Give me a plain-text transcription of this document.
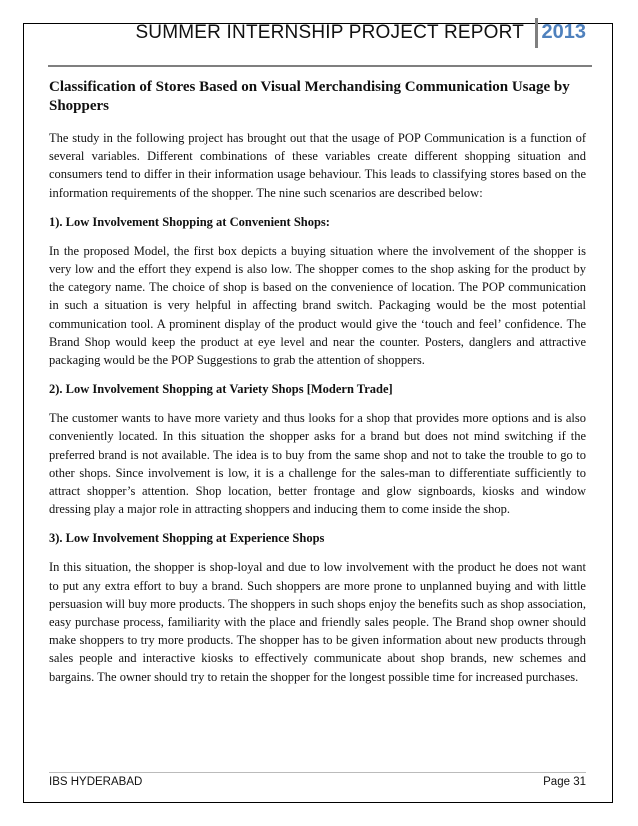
SUMMER INTERNSHIP PROJECT REPORT 2013
Classification of Stores Based on Visual Merchandising Communication Usage by Shoppers

The study in the following project has brought out that the usage of POP Communication is a function of several variables. Different combinations of these variables create different shopping situation and consumers tend to differ in their information usage behaviour. This leads to classifying stores based on the information requirements of the shopper. The nine such scenarios are described below:

1). Low Involvement Shopping at Convenient Shops:

In the proposed Model, the first box depicts a buying situation where the involvement of the shopper is very low and the effort they expend is also low. The shopper comes to the shop asking for the product by the category name. The choice of shop is based on the convenience of location. The POP communication in such a situation is very helpful in affecting brand switch. Packaging would be the most potential communication tool. A prominent display of the product would give the ‘touch and feel’ confidence. The Brand Shop would keep the product at eye level and near the counter. Posters, danglers and attractive packaging would be the POP Suggestions to grab the attention of shoppers.

2). Low Involvement Shopping at Variety Shops [Modern Trade]

The customer wants to have more variety and thus looks for a shop that provides more options and is also conveniently located. In this situation the shopper asks for a brand but does not mind switching if the preferred brand is not available. The idea is to buy from the same shop and not to take the trouble to go to other shops. Since involvement is low, it is a challenge for the sales-man to differentiate sufficiently to attract shopper’s attention. Shop location, better frontage and glow signboards, kiosks and window dressing play a major role in attracting shoppers and inducing them to come inside the shop.

3). Low Involvement Shopping at Experience Shops

In this situation, the shopper is shop-loyal and due to low involvement with the product he does not want to put any extra effort to buy a brand. Such shoppers are more prone to unplanned buying and with little persuasion will buy more products. The shoppers in such shops enjoy the benefits such as shop association, easy purchase process, familiarity with the place and friendly sales people. The Brand shop owner should make shoppers to try more products. The shopper has to be given information about new products through sales people and interactive kiosks to effectively communicate about shop brands, new schemes and bargains. The owner should try to retain the shopper for the longest possible time for increased purchases.

IBS HYDERABAD	Page 31
